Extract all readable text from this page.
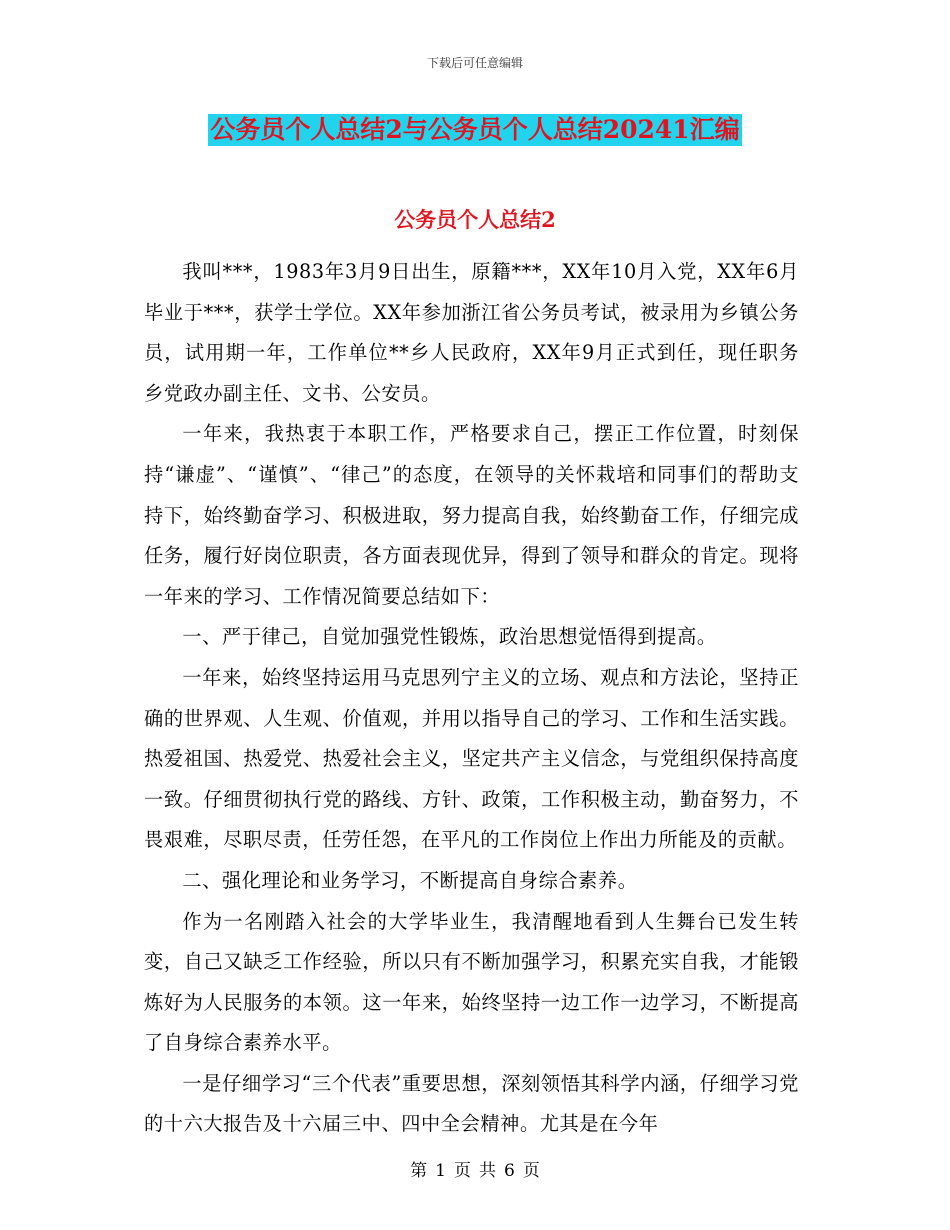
下载后可任意编辑
公务员个人总结2与公务员个人总结20241汇编
公务员个人总结2

我叫***，1983年3月9日出生，原籍***，XX年10月入党，XX年6月毕业于***，获学士学位。XX年参加浙江省公务员考试，被录用为乡镇公务员，试用期一年，工作单位**乡人民政府，XX年9月正式到任，现任职务乡党政办副主任、文书、公安员。

一年来，我热衷于本职工作，严格要求自己，摆正工作位置，时刻保持“谦虚”、“谨慎”、“律己”的态度，在领导的关怀栽培和同事们的帮助支持下，始终勤奋学习、积极进取，努力提高自我，始终勤奋工作，仔细完成任务，履行好岗位职责，各方面表现优异，得到了领导和群众的肯定。现将一年来的学习、工作情况简要总结如下：

一、严于律己，自觉加强党性锻炼，政治思想觉悟得到提高。

一年来，始终坚持运用马克思列宁主义的立场、观点和方法论，坚持正确的世界观、人生观、价值观，并用以指导自己的学习、工作和生活实践。热爱祖国、热爱党、热爱社会主义，坚定共产主义信念，与党组织保持高度一致。仔细贯彻执行党的路线、方针、政策，工作积极主动，勤奋努力，不畏艰难，尽职尽责，任劳任怨，在平凡的工作岗位上作出力所能及的贡献。

二、强化理论和业务学习，不断提高自身综合素养。

作为一名刚踏入社会的大学毕业生，我清醒地看到人生舞台已发生转变，自己又缺乏工作经验，所以只有不断加强学习，积累充实自我，才能锻炼好为人民服务的本领。这一年来，始终坚持一边工作一边学习，不断提高了自身综合素养水平。

一是仔细学习“三个代表”重要思想，深刻领悟其科学内涵，仔细学习党的十六大报告及十六届三中、四中全会精神。尤其是在今年

第 1 页 共 6 页
